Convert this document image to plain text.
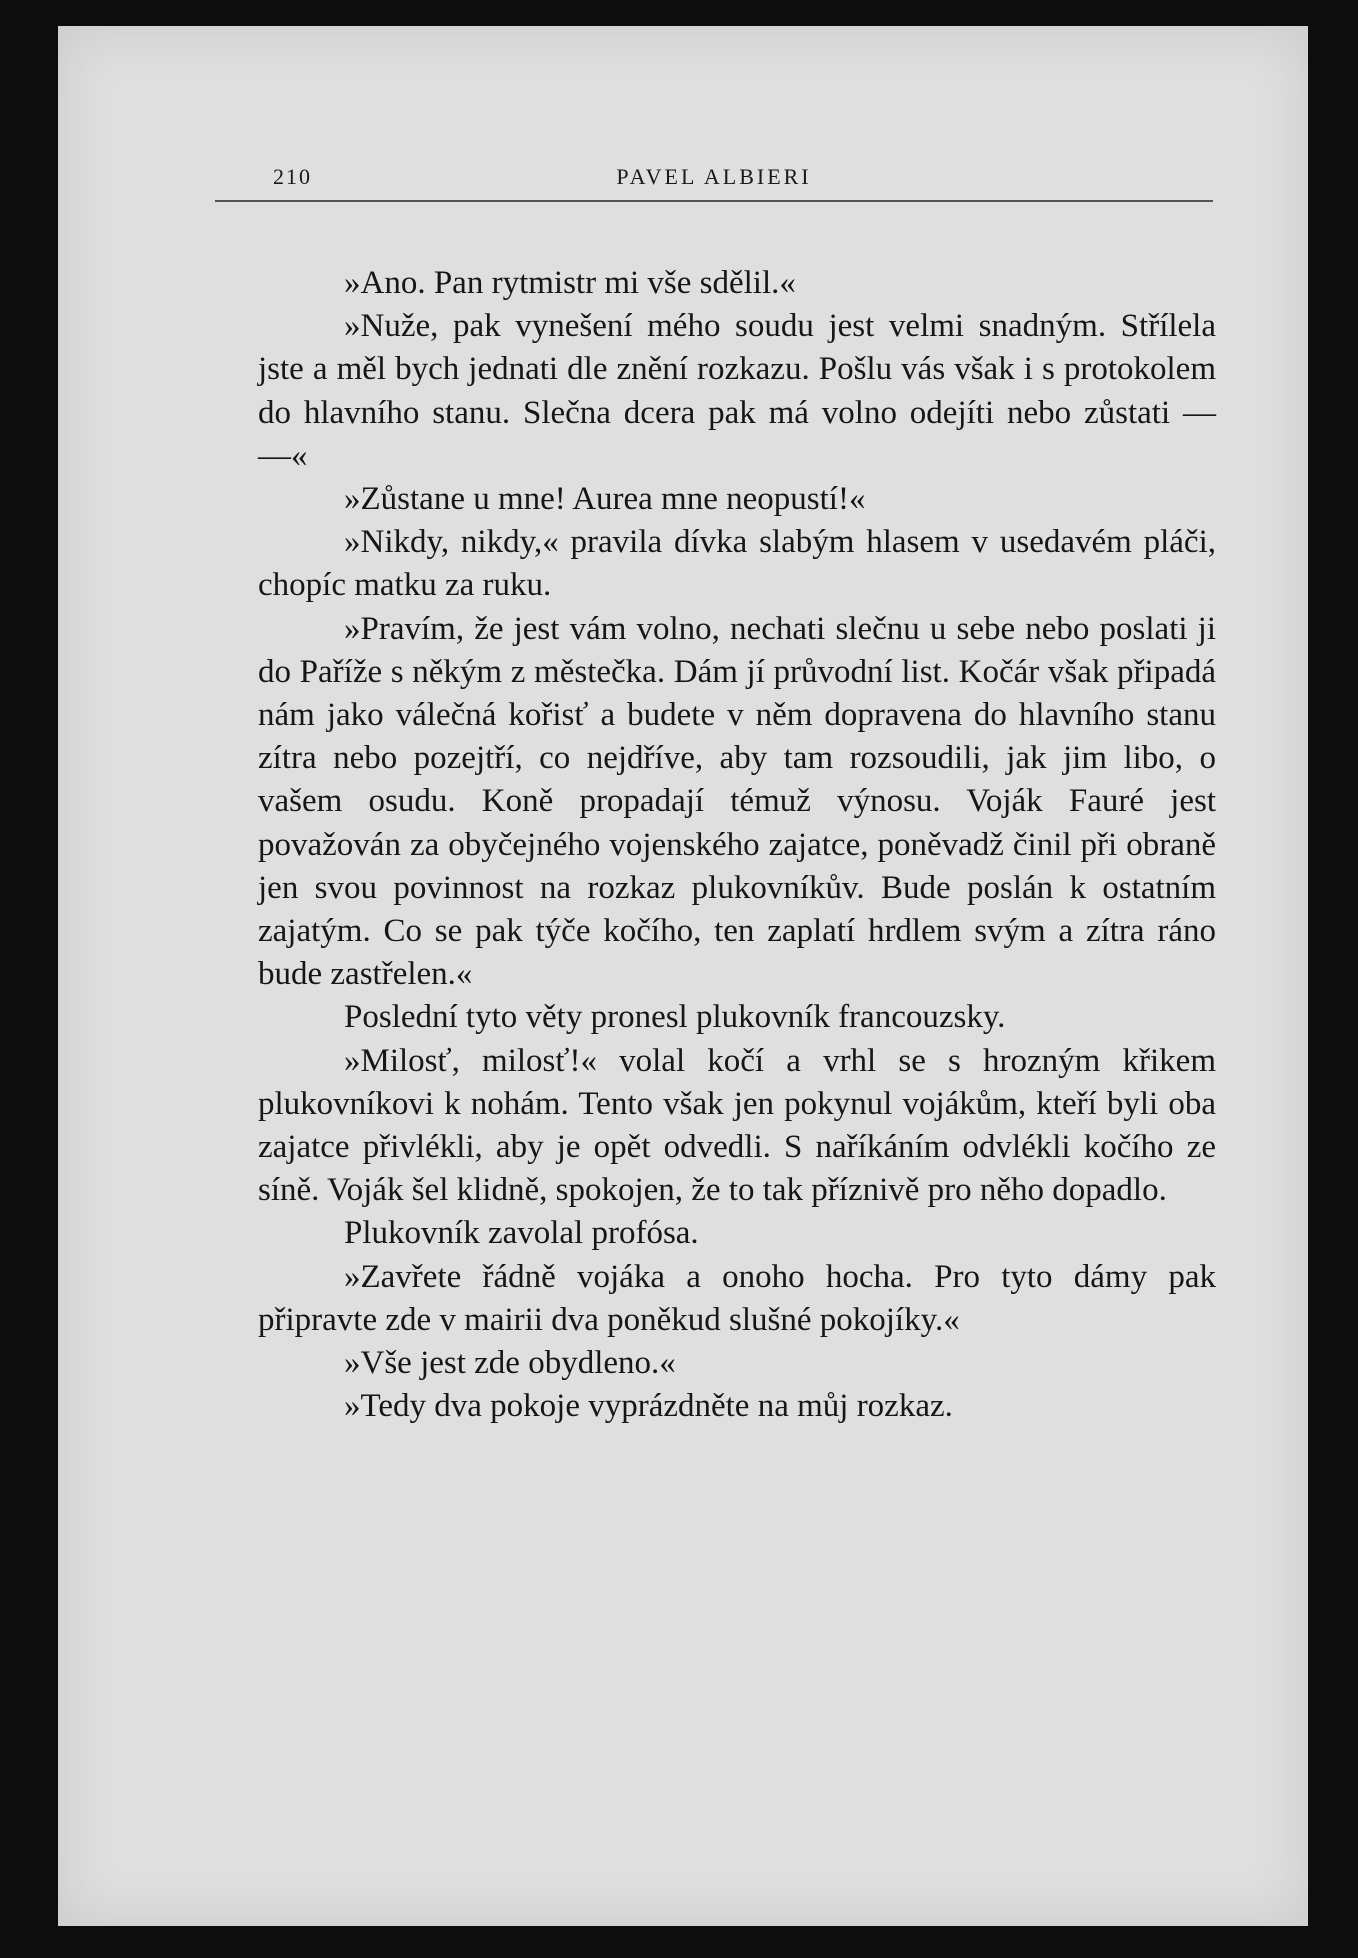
210	PAVEL ALBIERI

»Ano. Pan rytmistr mi vše sdělil.«

»Nuže, pak vynešení mého soudu jest velmi snadným. Střílela jste a měl bych jednati dle znění rozkazu. Pošlu vás však i s protokolem do hlavního stanu. Slečna dcera pak má volno odejíti nebo zůstati — —«

»Zůstane u mne! Aurea mne neopustí!«

»Nikdy, nikdy,« pravila dívka slabým hlasem v usedavém pláči, chopíc matku za ruku.

»Pravím, že jest vám volno, nechati slečnu u sebe nebo poslati ji do Paříže s někým z městečka. Dám jí průvodní list. Kočár však připadá nám jako válečná kořisť a budete v něm dopravena do hlavního stanu zítra nebo pozejtří, co nejdříve, aby tam rozsoudili, jak jim libo, o vašem osudu. Koně propadají témuž výnosu. Voják Fauré jest považován za obyčejného vojenského zajatce, poněvadž činil při obraně jen svou povinnost na rozkaz plukovníkův. Bude poslán k ostatním zajatým. Co se pak týče kočího, ten zaplatí hrdlem svým a zítra ráno bude zastřelen.«

Poslední tyto věty pronesl plukovník francouzsky.

»Milosť, milosť!« volal kočí a vrhl se s hrozným křikem plukovníkovi k nohám. Tento však jen pokynul vojákům, kteří byli oba zajatce přivlékli, aby je opět odvedli. S naříkáním odvlékli kočího ze síně. Voják šel klidně, spokojen, že to tak příznivě pro něho dopadlo.

Plukovník zavolal profósa.

»Zavřete řádně vojáka a onoho hocha. Pro tyto dámy pak připravte zde v mairii dva poněkud slušné pokojíky.«

»Vše jest zde obydleno.«

»Tedy dva pokoje vyprázdněte na můj rozkaz.
